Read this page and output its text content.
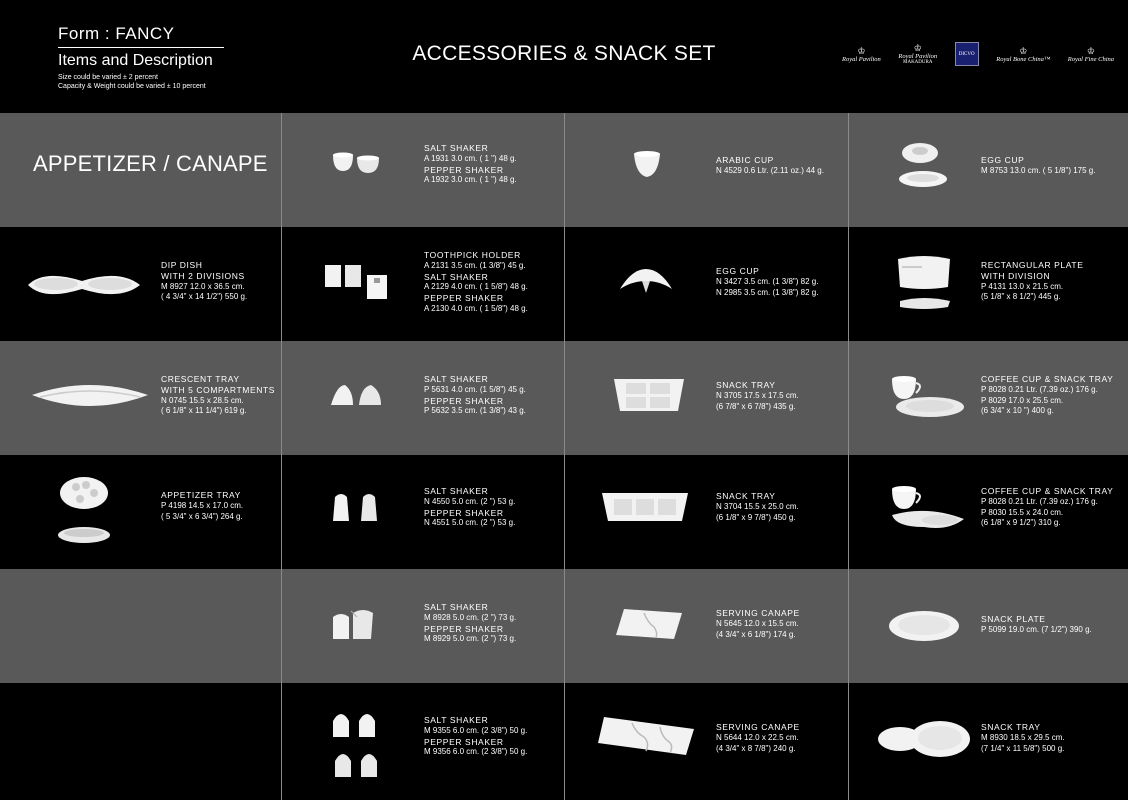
Form : FANCY
Items and Description
Size could be varied ± 2 percent
Capacity & Weight could be varied ± 10 percent
ACCESSORIES & SNACK SET	♔
Royal Pavilion
♔
Royal Pavilion
MAKADURA
DICVO	♔
Royal Bone China™
♔
Royal Fine China
APPETIZER / CANAPE
SALT SHAKER
A 1931 3.0 cm. ( 1 ") 48 g.
PEPPER SHAKER
A 1932 3.0 cm. ( 1 ") 48 g.
ARABIC CUP
N 4529 0.6 Ltr. (2.11 oz.) 44 g.
EGG CUP
M 8753 13.0 cm. ( 5 1/8") 175 g.
DIP DISH
WITH 2 DIVISIONS
M 8927 12.0 x 36.5 cm.
( 4 3/4" x 14 1/2") 550 g.
TOOTHPICK HOLDER
A 2131 3.5 cm. (1 3/8") 45 g.
SALT SHAKER
A 2129 4.0 cm. ( 1 5/8") 48 g.
PEPPER SHAKER
A 2130 4.0 cm. ( 1 5/8") 48 g.
EGG CUP
N 3427 3.5 cm. (1 3/8") 82 g.
N 2985 3.5 cm. (1 3/8") 82 g.
RECTANGULAR PLATE
WITH DIVISION
P 4131 13.0 x 21.5 cm.
(5 1/8" x 8 1/2") 445 g.
CRESCENT TRAY
WITH 5 COMPARTMENTS
N 0745 15.5 x 28.5 cm.
( 6 1/8" x 11 1/4") 619 g.
SALT SHAKER
P 5631 4.0 cm. (1 5/8") 45 g.
PEPPER SHAKER
P 5632 3.5 cm. (1 3/8") 43 g.
SNACK TRAY
N 3705 17.5 x 17.5 cm.
(6 7/8" x 6 7/8") 435 g.
COFFEE CUP & SNACK TRAY
P 8028 0.21 Ltr. (7.39 oz.) 176 g.
P 8029 17.0 x 25.5 cm.
(6 3/4" x 10 ") 400 g.
APPETIZER TRAY
P 4198 14.5 x 17.0 cm.
( 5 3/4" x 6 3/4") 264 g.
SALT SHAKER
N 4550 5.0 cm. (2 ") 53 g.
PEPPER SHAKER
N 4551 5.0 cm. (2 ") 53 g.
SNACK TRAY
N 3704 15.5 x 25.0 cm.
(6 1/8" x 9 7/8") 450 g.
COFFEE CUP & SNACK TRAY
P 8028 0.21 Ltr. (7.39 oz.) 176 g.
P 8030 15.5 x 24.0 cm.
(6 1/8" x 9 1/2") 310 g.
SALT SHAKER
M 8928 5.0 cm. (2 ") 73 g.
PEPPER SHAKER
M 8929 5.0 cm. (2 ") 73 g.
SERVING CANAPE
N 5645 12.0 x 15.5 cm.
(4 3/4" x 6 1/8") 174 g.
SNACK PLATE
P 5099 19.0 cm. (7 1/2") 390 g.
SALT SHAKER
M 9355 6.0 cm. (2 3/8") 50 g.
PEPPER SHAKER
M 9356 6.0 cm. (2 3/8") 50 g.
SERVING CANAPE
N 5644 12.0 x 22.5 cm.
(4 3/4" x 8 7/8") 240 g.
SNACK TRAY
M 8930 18.5 x 29.5 cm.
(7 1/4" x 11 5/8") 500 g.
